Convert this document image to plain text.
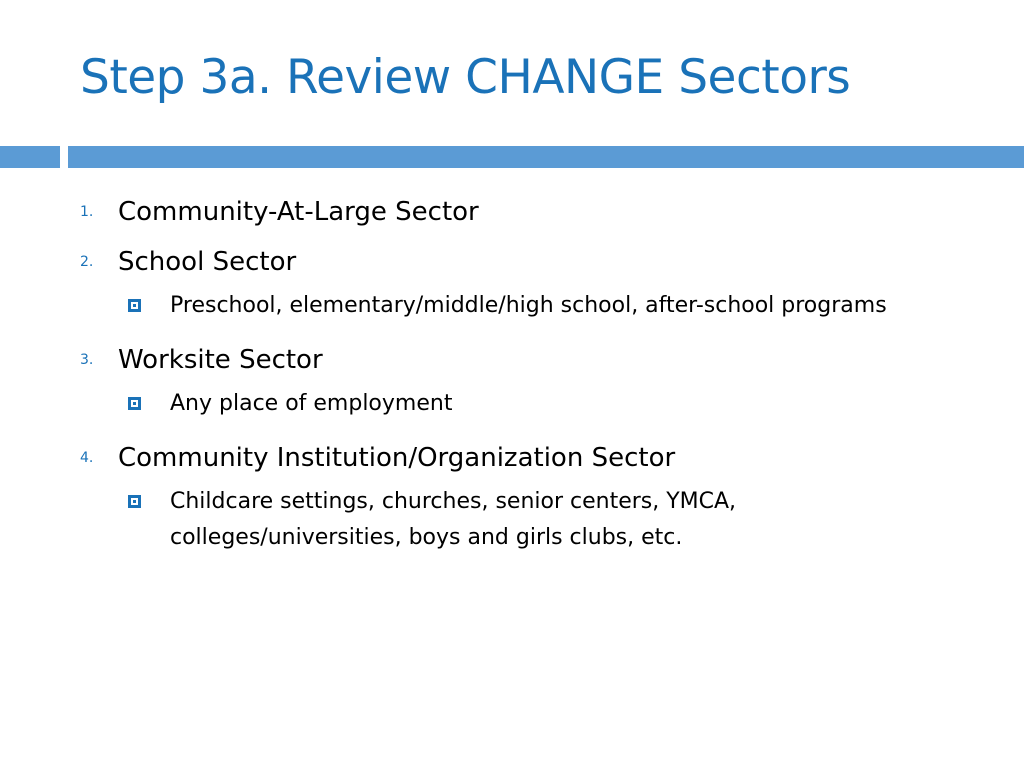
Step 3a. Review CHANGE Sectors
1. Community-At-Large Sector
2. School Sector
Preschool, elementary/middle/high school, after-school programs
3. Worksite Sector
Any place of employment
4. Community Institution/Organization Sector
Childcare settings, churches, senior centers, YMCA, colleges/universities, boys and girls clubs, etc.
